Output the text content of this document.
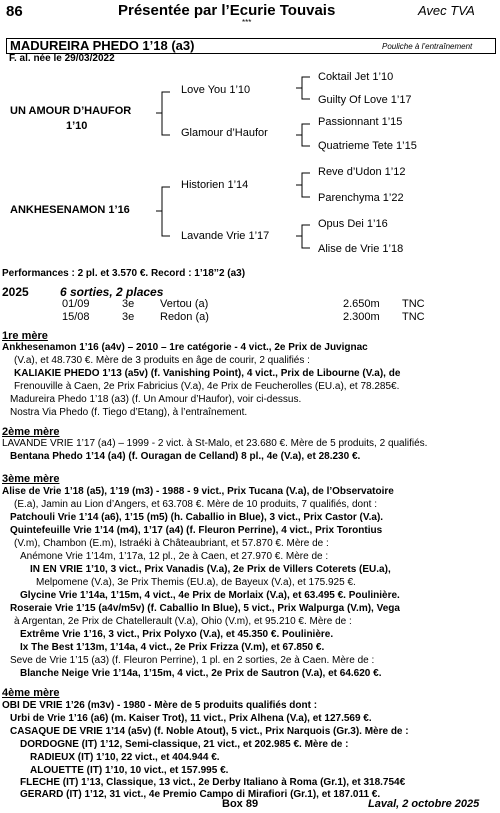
86	Présentée par l’Ecurie Touvais	Avec TVA
***
MADUREIRA PHEDO 1’18 (a3)	Pouliche à l’entraînement
F. al. née le 29/03/2022
UN AMOUR D’HAUFOR
1’10
Love You 1’10
Glamour d’Haufor
Coktail Jet 1’10
Guilty Of Love 1’17
Passionnant 1’15
Quatrieme Tete 1’15
ANKHESENAMON 1’16
Historien 1’14
Lavande Vrie 1’17
Reve d’Udon 1’12
Parenchyma 1’22
Opus Dei 1’16
Alise de Vrie 1’18
Performances : 2 pl. et 3.570 €. Record : 1’18’’2 (a3)
2025	6 sorties, 2 places
01/09	3e Vertou (a)	2.650m TNC
15/08	3e Redon (a)	2.300m TNC
1re mère
Ankhesenamon 1’16 (a4v) – 2010 – 1re catégorie - 4 vict., 2e Prix de Juvignac
(V.a), et 48.730 €. Mère de 3 produits en âge de courir, 2 qualifiés :
KALIAKIE PHEDO 1’13 (a5v) (f. Vanishing Point), 4 vict., Prix de Libourne (V.a), de
Frenouville à Caen, 2e Prix Fabricius (V.a), 4e Prix de Feucherolles (EU.a), et 78.285€.
Madureira Phedo 1’18 (a3) (f. Un Amour d’Haufor), voir ci-dessus.
Nostra Via Phedo (f. Tiego d’Etang), à l’entraînement.
2ème mère
LAVANDE VRIE 1’17 (a4) – 1999 - 2 vict. à St-Malo, et 23.680 €. Mère de 5 produits, 2 qualifiés.
Bentana Phedo 1’14 (a4) (f. Ouragan de Celland) 8 pl., 4e (V.a), et 28.230 €.
3ème mère
Alise de Vrie 1’18 (a5), 1’19 (m3) - 1988 - 9 vict., Prix Tucana (V.a), de l’Observatoire
(E.a), Jamin au Lion d’Angers, et 63.708 €. Mère de 10 produits, 7 qualifiés, dont :
Patchouli Vrie 1’14 (a6), 1’15 (m5) (h. Caballio in Blue), 3 vict., Prix Castor (V.a).
Quintefeuille Vrie 1’14 (m4), 1’17 (a4) (f. Fleuron Perrine), 4 vict., Prix Torontius
(V.m), Chambon (E.m), Istraéki à Châteaubriant, et 57.870 €. Mère de :
Anémone Vrie 1’14m, 1’17a, 12 pl., 2e à Caen, et 27.970 €. Mère de :
IN EN VRIE 1’10, 3 vict., Prix Vanadis (V.a), 2e Prix de Villers Coterets (EU.a),
Melpomene (V.a), 3e Prix Themis (EU.a), de Bayeux (V.a), et 175.925 €.
Glycine Vrie 1’14a, 1’15m, 4 vict., 4e Prix de Morlaix (V.a), et 63.495 €. Poulinière.
Roseraie Vrie 1’15 (a4v/m5v) (f. Caballio In Blue), 5 vict., Prix Walpurga (V.m), Vega
à Argentan, 2e Prix de Chatellerault (V.a), Ohio (V.m), et 95.210 €. Mère de :
Extrême Vrie 1’16, 3 vict., Prix Polyxo (V.a), et 45.350 €. Poulinière.
Ix The Best 1’13m, 1’14a, 4 vict., 2e Prix Frizza (V.m), et 67.850 €.
Seve de Vrie 1’15 (a3) (f. Fleuron Perrine), 1 pl. en 2 sorties, 2e à Caen. Mère de :
Blanche Neige Vrie 1’14a, 1’15m, 4 vict., 2e Prix de Sautron (V.a), et 64.620 €.
4ème mère
OBI DE VRIE 1’26 (m3v) - 1980 - Mère de 5 produits qualifiés dont :
Urbi de Vrie 1’16 (a6) (m. Kaiser Trot), 11 vict., Prix Alhena (V.a), et 127.569 €.
CASAQUE DE VRIE 1’14 (a5v) (f. Noble Atout), 5 vict., Prix Narquois (Gr.3). Mère de :
DORDOGNE (IT) 1’12, Semi-classique, 21 vict., et 202.985 €. Mère de :
RADIEUX (IT) 1’10, 22 vict., et 404.944 €.
ALOUETTE (IT) 1’10, 10 vict., et 157.995 €.
FLECHE (IT) 1’13, Classique, 13 vict., 2e Derby Italiano à Roma (Gr.1), et 318.754€
GERARD (IT) 1’12, 31 vict., 4e Premio Campo di Mirafiori (Gr.1), et 187.011 €.
Box 89	Laval, 2 octobre 2025
